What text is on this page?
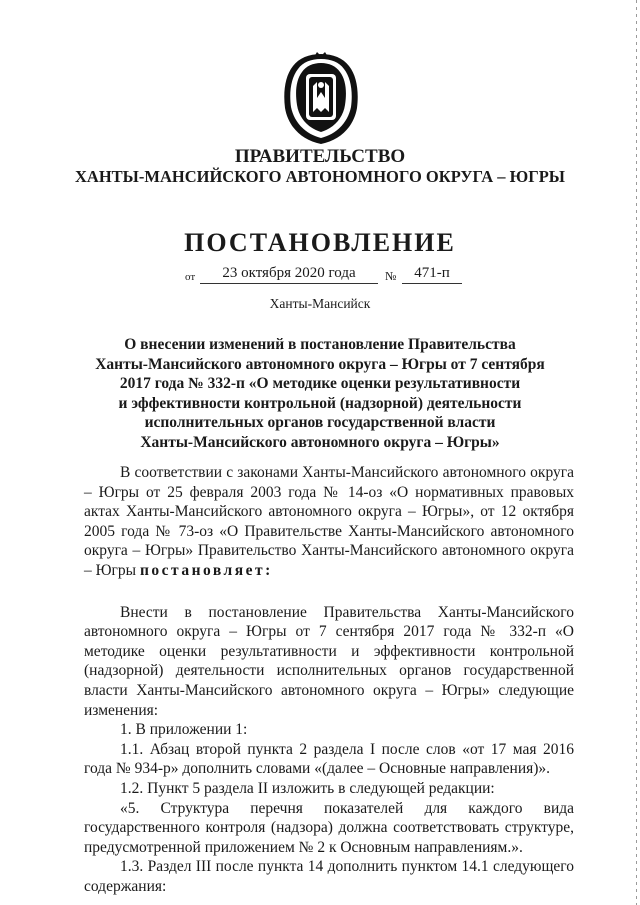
ПРАВИТЕЛЬСТВО
ХАНТЫ-МАНСИЙСКОГО АВТОНОМНОГО ОКРУГА – ЮГРЫ
ПОСТАНОВЛЕНИЕ
от	23 октября 2020 года	№	471-п
Ханты-Мансийск
О внесении изменений в постановление Правительства
Ханты-Мансийского автономного округа – Югры от 7 сентября
2017 года № 332-п «О методике оценки результативности
и эффективности контрольной (надзорной) деятельности
исполнительных органов государственной власти
Ханты-Мансийского автономного округа – Югры»

В соответствии с законами Ханты-Мансийского автономного округа – Югры от 25 февраля 2003 года № 14-оз «О нормативных правовых актах Ханты-Мансийского автономного округа – Югры», от 12 октября 2005 года № 73-оз «О Правительстве Ханты-Мансийского автономного округа – Югры» Правительство Ханты-Мансийского автономного округа – Югры постановляет:

Внести в постановление Правительства Ханты-Мансийского автономного округа – Югры от 7 сентября 2017 года № 332-п «О методике оценки результативности и эффективности контрольной (надзорной) деятельности исполнительных органов государственной власти Ханты-Мансийского автономного округа – Югры» следующие изменения:

1. В приложении 1:

1.1. Абзац второй пункта 2 раздела I после слов «от 17 мая 2016 года № 934-р» дополнить словами «(далее – Основные направления)».

1.2. Пункт 5 раздела II изложить в следующей редакции:

«5. Структура перечня показателей для каждого вида государственного контроля (надзора) должна соответствовать структуре, предусмотренной приложением № 2 к Основным направлениям.».

1.3. Раздел III после пункта 14 дополнить пунктом 14.1 следующего содержания:
